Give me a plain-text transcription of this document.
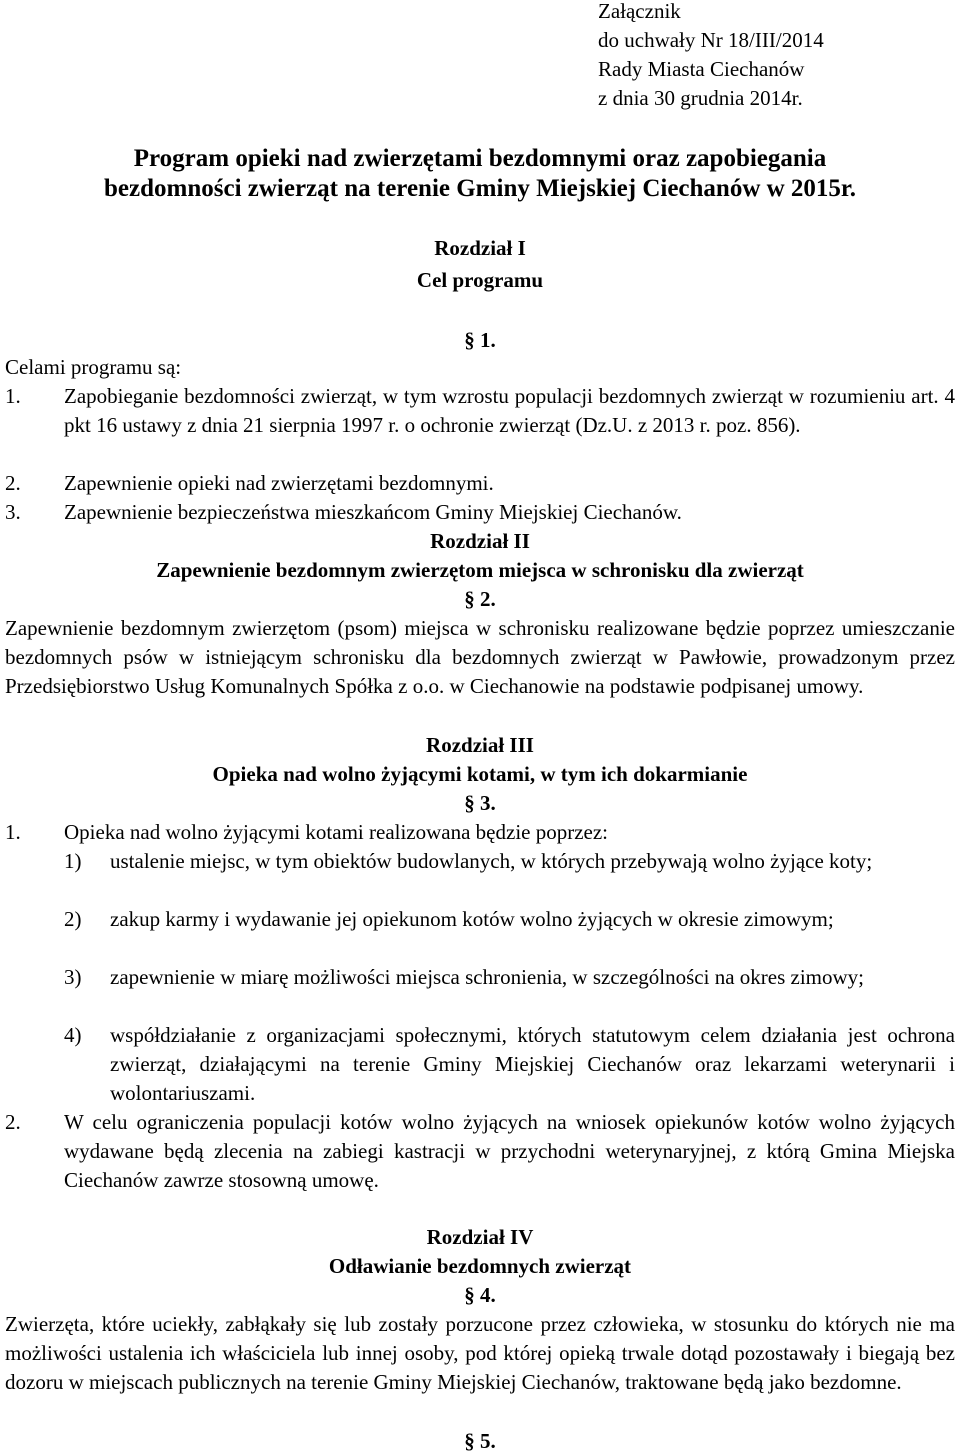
Załącznik
do uchwały Nr 18/III/2014
Rady Miasta Ciechanów
z dnia 30 grudnia 2014r.
Program opieki nad zwierzętami bezdomnymi oraz zapobiegania
bezdomności zwierząt na terenie Gminy Miejskiej Ciechanów w 2015r.
Rozdział I
Cel programu
§ 1.
Celami programu są:
1. Zapobieganie bezdomności zwierząt, w tym wzrostu populacji bezdomnych zwierząt w rozumieniu art. 4 pkt 16 ustawy z dnia 21 sierpnia 1997 r. o ochronie zwierząt (Dz.U. z 2013 r. poz. 856).
2. Zapewnienie opieki nad zwierzętami bezdomnymi.
3. Zapewnienie bezpieczeństwa mieszkańcom Gminy Miejskiej Ciechanów.
Rozdział II
Zapewnienie bezdomnym zwierzętom miejsca w schronisku dla zwierząt
§ 2.
Zapewnienie bezdomnym zwierzętom (psom) miejsca w schronisku realizowane będzie poprzez umieszczanie bezdomnych psów w istniejącym schronisku dla bezdomnych zwierząt w Pawłowie, prowadzonym przez Przedsiębiorstwo Usług Komunalnych Spółka z o.o. w Ciechanowie na podstawie podpisanej umowy.
Rozdział III
Opieka nad wolno żyjącymi kotami, w tym ich dokarmianie
§ 3.
1. Opieka nad wolno żyjącymi kotami realizowana będzie poprzez:
1) ustalenie miejsc, w tym obiektów budowlanych, w których przebywają wolno żyjące koty;
2) zakup karmy i wydawanie jej opiekunom kotów wolno żyjących w okresie zimowym;
3) zapewnienie w miarę możliwości miejsca schronienia, w szczególności na okres zimowy;
4) współdziałanie z organizacjami społecznymi, których statutowym celem działania jest ochrona zwierząt, działającymi na terenie Gminy Miejskiej Ciechanów oraz lekarzami weterynarii i wolontariuszami.
2. W celu ograniczenia populacji kotów wolno żyjących na wniosek opiekunów kotów wolno żyjących wydawane będą zlecenia na zabiegi kastracji w przychodni weterynaryjnej, z którą Gmina Miejska Ciechanów zawrze stosowną umowę.
Rozdział IV
Odławianie bezdomnych zwierząt
§ 4.
Zwierzęta, które uciekły, zabłąkały się lub zostały porzucone przez człowieka, w stosunku do których nie ma możliwości ustalenia ich właściciela lub innej osoby, pod której opieką trwale dotąd pozostawały i biegają bez dozoru w miejscach publicznych na terenie Gminy Miejskiej Ciechanów, traktowane będą jako bezdomne.
§ 5.
